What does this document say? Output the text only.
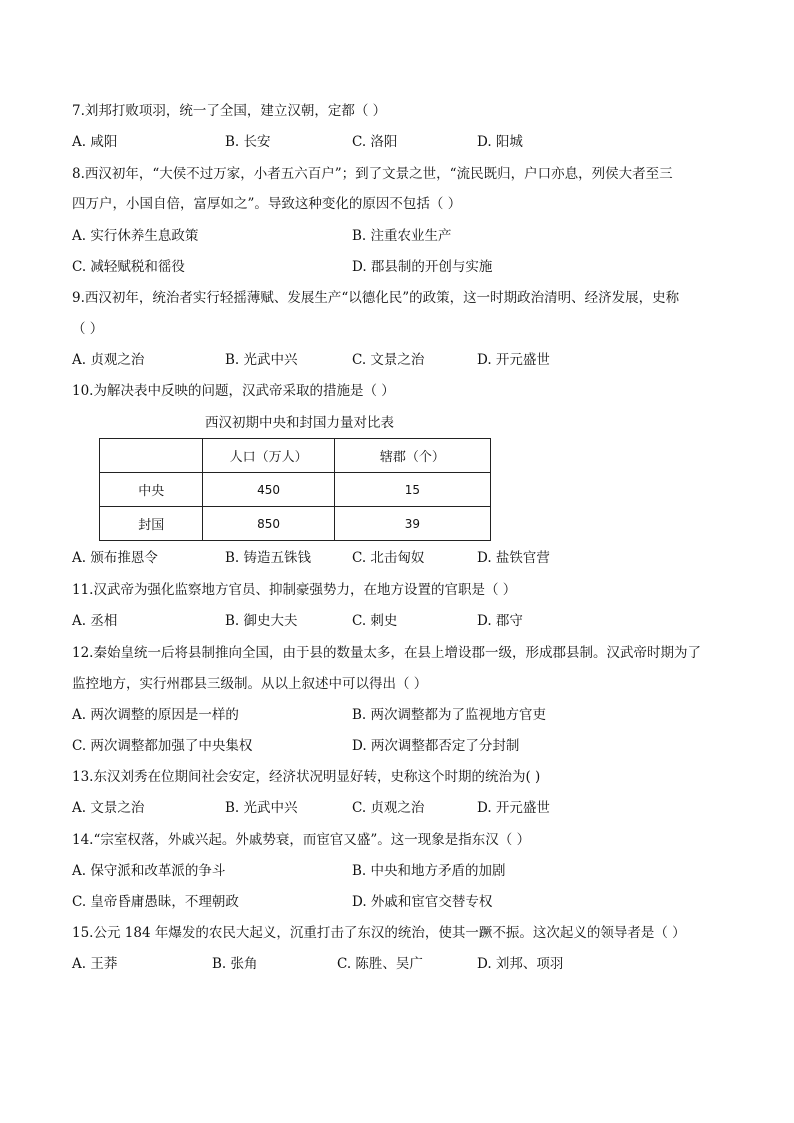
7.刘邦打败项羽，统一了全国，建立汉朝，定都（ ）
A. 咸阳	B. 长安	C. 洛阳	D. 阳城
8.西汉初年，“大侯不过万家，小者五六百户”；到了文景之世，“流民既归，户口亦息，列侯大者至三
四万户，小国自倍，富厚如之”。导致这种变化的原因不包括（ ）
A. 实行休养生息政策	B. 注重农业生产
C. 减轻赋税和徭役	D. 郡县制的开创与实施
9.西汉初年，统治者实行轻摇薄赋、发展生产“以德化民”的政策，这一时期政治清明、经济发展，史称
（ ）
A. 贞观之治	B. 光武中兴	C. 文景之治	D. 开元盛世
10.为解决表中反映的问题，汉武帝采取的措施是（ ）
西汉初期中央和封国力量对比表
	人口（万人）	辖郡（个）
中央	450	15
封国	850	39
A. 颁布推恩令	B. 铸造五铢钱	C. 北击匈奴	D. 盐铁官营
11.汉武帝为强化监察地方官员、抑制豪强势力，在地方设置的官职是（ ）
A. 丞相	B. 御史大夫	C. 刺史	D. 郡守
12.秦始皇统一后将县制推向全国，由于县的数量太多，在县上增设郡一级，形成郡县制。汉武帝时期为了
监控地方，实行州郡县三级制。从以上叙述中可以得出（ ）
A. 两次调整的原因是一样的	B. 两次调整都为了监视地方官吏
C. 两次调整都加强了中央集权	D. 两次调整都否定了分封制
13.东汉刘秀在位期间社会安定，经济状况明显好转，史称这个时期的统治为( )
A. 文景之治	B. 光武中兴	C. 贞观之治	D. 开元盛世
14.“宗室权落，外戚兴起。外戚势衰，而宦官又盛”。这一现象是指东汉（ ）
A. 保守派和改革派的争斗	B. 中央和地方矛盾的加剧
C. 皇帝昏庸愚昧，不理朝政	D. 外戚和宦官交替专权
15.公元 184 年爆发的农民大起义，沉重打击了东汉的统治，使其一蹶不振。这次起义的领导者是（ ）
A. 王莽	B. 张角	C. 陈胜、吴广	D. 刘邦、项羽
